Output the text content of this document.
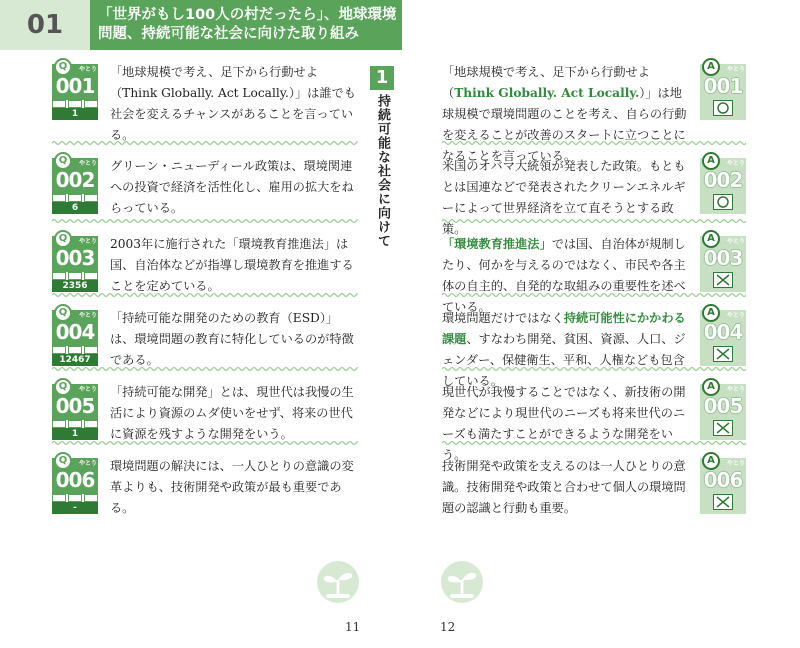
01	「世界がもし100人の村だったら」、地球環境問題、持続可能な社会に向けた取り組み
1
持続可能な社会に向けて
Q	やとり
001
1
「地球規模で考え、足下から行動せよ（Think Globally. Act Locally.）」は誰でも社会を変えるチャンスがあることを言っている。
Q	やとり
002
6
グリーン・ニューディール政策は、環境関連への投資で経済を活性化し、雇用の拡大をねらっている。
Q	やとり
003
2356
2003年に施行された「環境教育推進法」は国、自治体などが指導し環境教育を推進することを定めている。
Q	やとり
004
12467
「持続可能な開発のための教育（ESD）」は、環境問題の教育に特化しているのが特徴である。
Q	やとり
005
1
「持続可能な開発」とは、現世代は我慢の生活により資源のムダ使いをせず、将来の世代に資源を残すような開発をいう。
Q	やとり
006
-
環境問題の解決には、一人ひとりの意識の変革よりも、技術開発や政策が最も重要である。
「地球規模で考え、足下から行動せよ（Think Globally. Act Locally.）」は地球規模で環境問題のことを考え、自らの行動を変えることが改善のスタートに立つことになることを言っている。
A	やとり
001
米国のオバマ大統領が発表した政策。もともとは国連などで発表されたクリーンエネルギーによって世界経済を立て直そうとする政策。
A	やとり
002
「環境教育推進法」では国、自治体が規制したり、何かを与えるのではなく、市民や各主体の自主的、自発的な取組みの重要性を述べている。
A	やとり
003
環境問題だけではなく持続可能性にかかわる課題、すなわち開発、貧困、資源、人口、ジェンダー、保健衛生、平和、人権なども包含している。
A	やとり
004
現世代が我慢することではなく、新技術の開発などにより現世代のニーズも将来世代のニーズも満たすことができるような開発をいう。
A	やとり
005
技術開発や政策を支えるのは一人ひとりの意識。技術開発や政策と合わせて個人の環境問題の認識と行動も重要。
A	やとり
006
11	12
